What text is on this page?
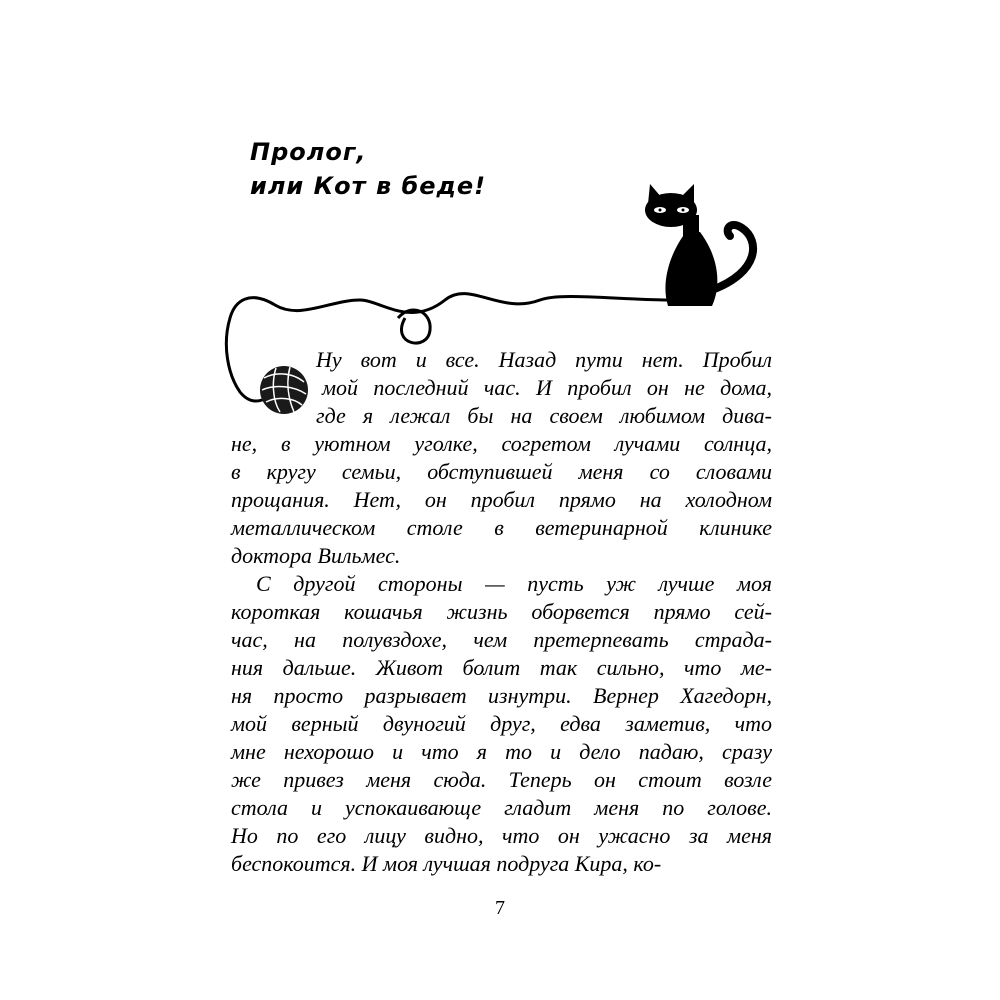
Пролог,
или Кот в беде!
Ну вот и все. Назад пути нет. Пробил
мой последний час. И пробил он не дома,
где я лежал бы на своем любимом дива-
не, в уютном уголке, согретом лучами солнца,
в кругу семьи, обступившей меня со словами
прощания. Нет, он пробил прямо на холодном
металлическом столе в ветеринарной клинике
доктора Вильмес.
С другой стороны — пусть уж лучше моя
короткая кошачья жизнь оборвется прямо сей-
час, на полувздохе, чем претерпевать страда-
ния дальше. Живот болит так сильно, что ме-
ня просто разрывает изнутри. Вернер Хагедорн,
мой верный двуногий друг, едва заметив, что
мне нехорошо и что я то и дело падаю, сразу
же привез меня сюда. Теперь он стоит возле
стола и успокаивающе гладит меня по голове.
Но по его лицу видно, что он ужасно за меня
беспокоится. И моя лучшая подруга Кира, ко-
7
